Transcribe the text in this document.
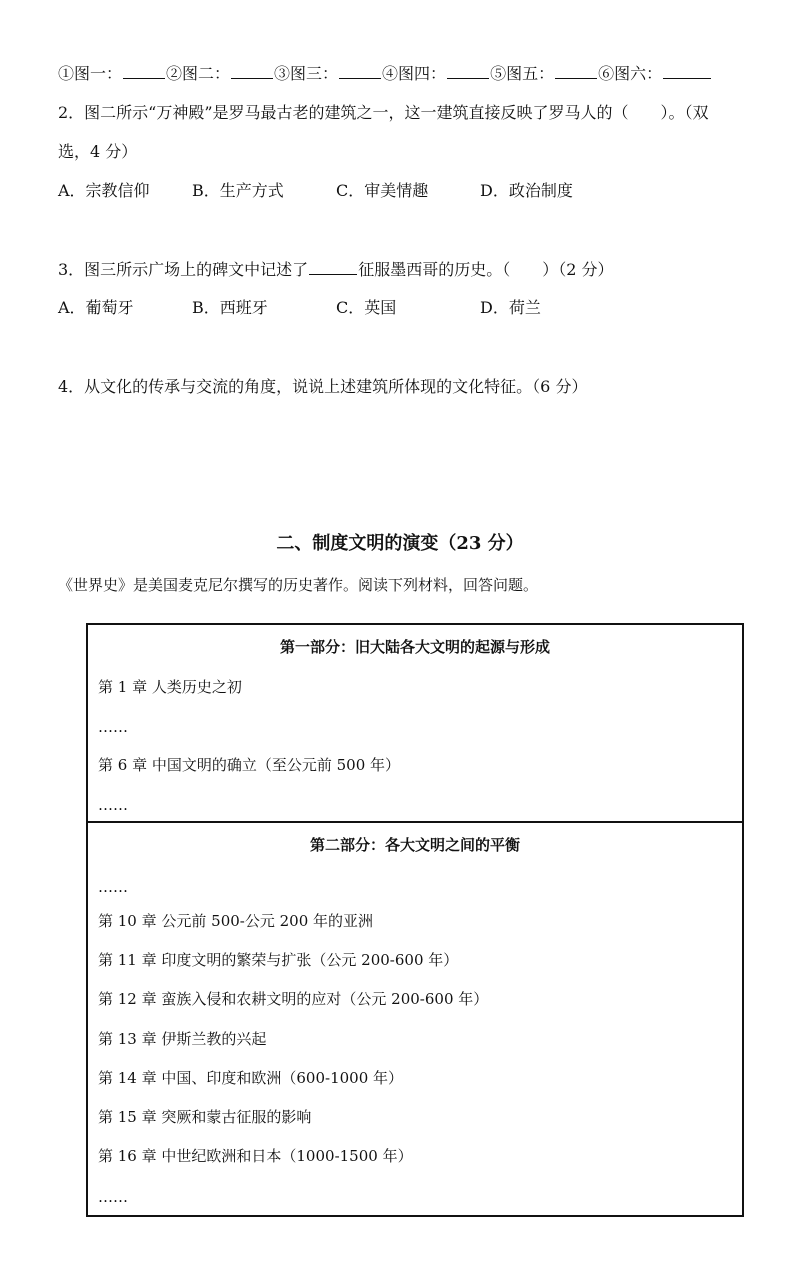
①图一：	②图二：	③图三：	④图四：	⑤图五：	⑥图六：
2．图二所示“万神殿”是罗马最古老的建筑之一，这一建筑直接反映了罗马人的（　　）。（双
选，4 分）
A．宗教信仰	B．生产方式	C．审美情趣	D．政治制度
3．图三所示广场上的碑文中记述了	征服墨西哥的历史。（　　）（2 分）
A．葡萄牙	B．西班牙	C．英国	D．荷兰
4．从文化的传承与交流的角度，说说上述建筑所体现的文化特征。（6 分）
二、制度文明的演变（23 分）
《世界史》是美国麦克尼尔撰写的历史著作。阅读下列材料，回答问题。
第一部分：旧大陆各大文明的起源与形成
第 1 章 人类历史之初
……
第 6 章 中国文明的确立（至公元前 500 年）
……
第二部分：各大文明之间的平衡
……
第 10 章 公元前 500-公元 200 年的亚洲
第 11 章 印度文明的繁荣与扩张（公元 200-600 年）
第 12 章 蛮族入侵和农耕文明的应对（公元 200-600 年）
第 13 章 伊斯兰教的兴起
第 14 章 中国、印度和欧洲（600-1000 年）
第 15 章 突厥和蒙古征服的影响
第 16 章 中世纪欧洲和日本（1000-1500 年）
……
